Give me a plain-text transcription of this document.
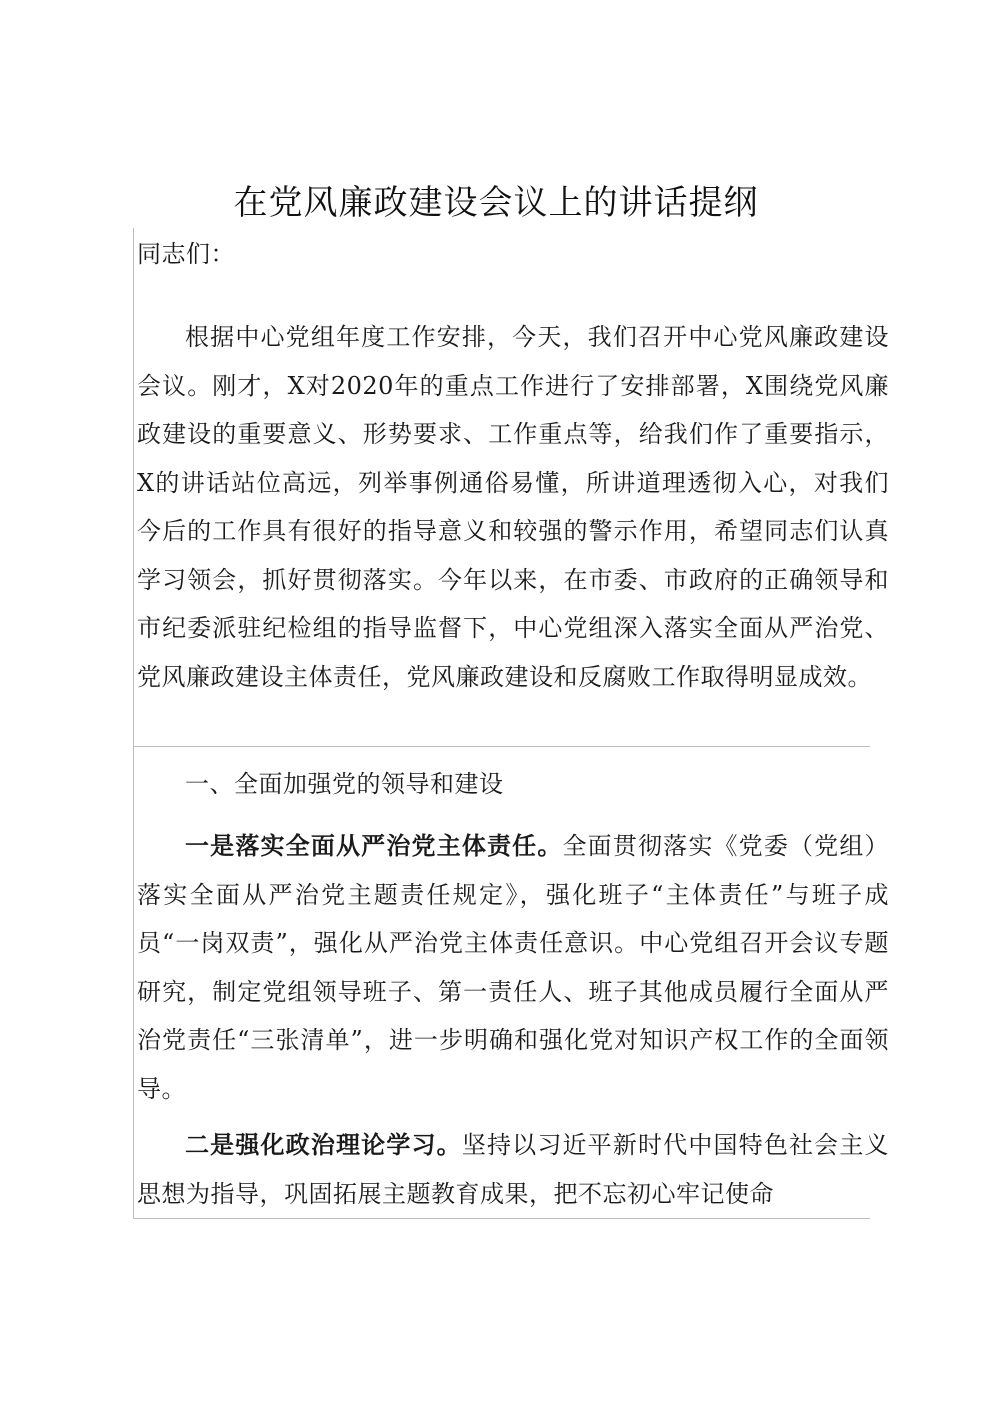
在党风廉政建设会议上的讲话提纲

同志们：

根据中心党组年度工作安排，今天，我们召开中心党风廉政建设会议。刚才，X对2020年的重点工作进行了安排部署，X围绕党风廉政建设的重要意义、形势要求、工作重点等，给我们作了重要指示，X的讲话站位高远，列举事例通俗易懂，所讲道理透彻入心，对我们今后的工作具有很好的指导意义和较强的警示作用，希望同志们认真学习领会，抓好贯彻落实。今年以来，在市委、市政府的正确领导和市纪委派驻纪检组的指导监督下，中心党组深入落实全面从严治党、党风廉政建设主体责任，党风廉政建设和反腐败工作取得明显成效。

一、全面加强党的领导和建设

一是落实全面从严治党主体责任。全面贯彻落实《党委（党组）落实全面从严治党主题责任规定》，强化班子“主体责任”与班子成员“一岗双责”，强化从严治党主体责任意识。中心党组召开会议专题研究，制定党组领导班子、第一责任人、班子其他成员履行全面从严治党责任“三张清单”，进一步明确和强化党对知识产权工作的全面领导。

二是强化政治理论学习。坚持以习近平新时代中国特色社会主义思想为指导，巩固拓展主题教育成果，把不忘初心牢记使命
